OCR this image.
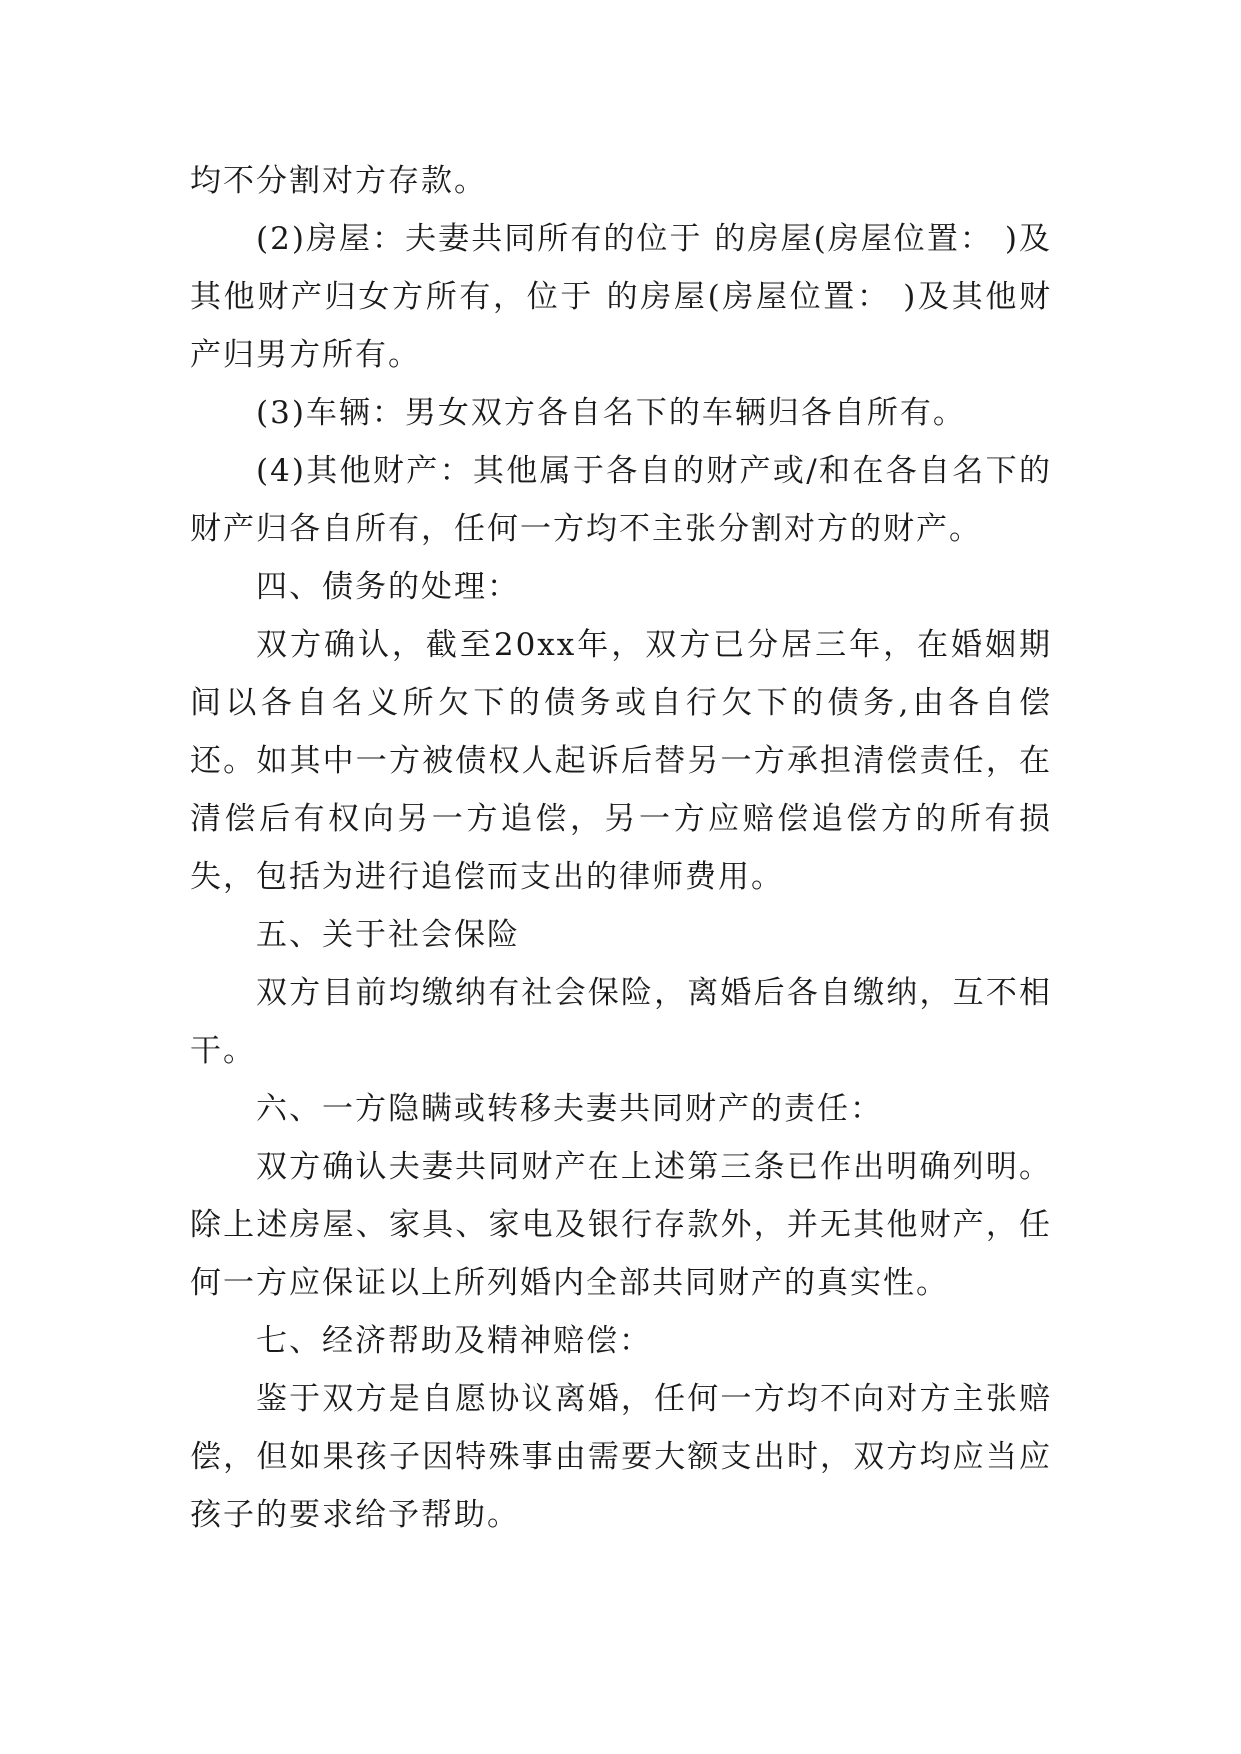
均不分割对方存款。

(2)房屋：夫妻共同所有的位于 的房屋(房屋位置： )及其他财产归女方所有，位于 的房屋(房屋位置： )及其他财产归男方所有。

(3)车辆：男女双方各自名下的车辆归各自所有。

(4)其他财产：其他属于各自的财产或/和在各自名下的财产归各自所有，任何一方均不主张分割对方的财产。

四、债务的处理：

双方确认，截至20xx年，双方已分居三年，在婚姻期间以各自名义所欠下的债务或自行欠下的债务,由各自偿还。如其中一方被债权人起诉后替另一方承担清偿责任，在清偿后有权向另一方追偿，另一方应赔偿追偿方的所有损失，包括为进行追偿而支出的律师费用。

五、关于社会保险

双方目前均缴纳有社会保险，离婚后各自缴纳，互不相干。

六、一方隐瞒或转移夫妻共同财产的责任：

双方确认夫妻共同财产在上述第三条已作出明确列明。除上述房屋、家具、家电及银行存款外，并无其他财产，任何一方应保证以上所列婚内全部共同财产的真实性。

七、经济帮助及精神赔偿：

鉴于双方是自愿协议离婚，任何一方均不向对方主张赔偿，但如果孩子因特殊事由需要大额支出时，双方均应当应孩子的要求给予帮助。
